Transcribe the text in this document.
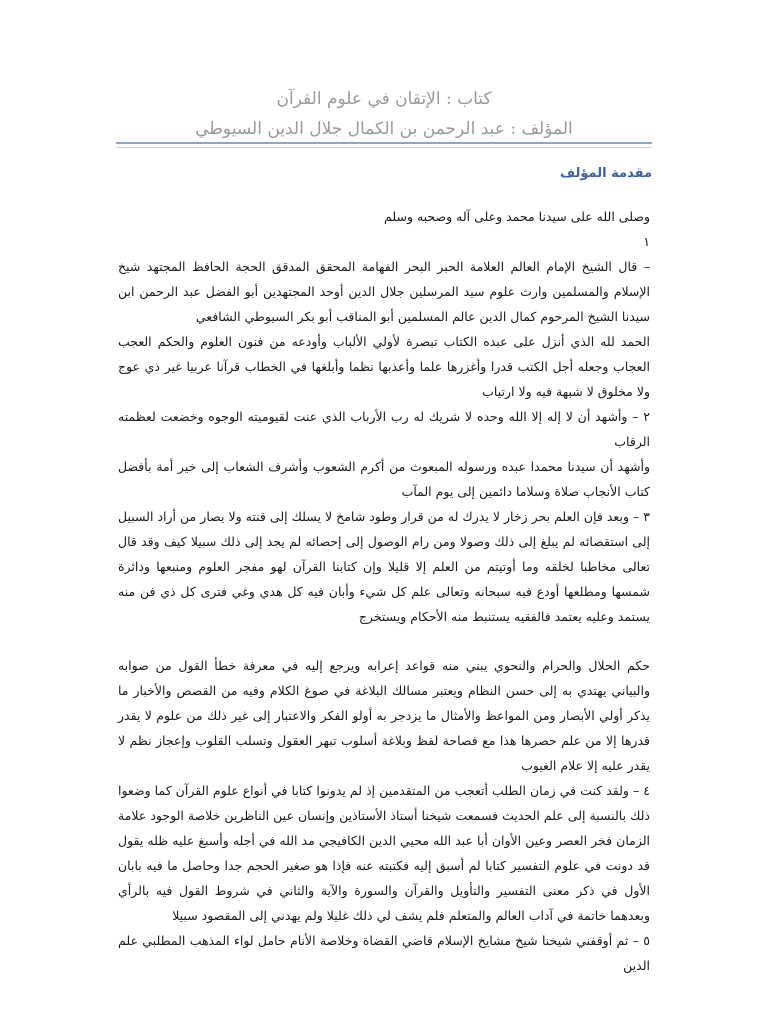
كتاب : الإتقان في علوم القرآن
المؤلف : عبد الرحمن بن الكمال جلال الدين السيوطي
مقدمة المؤلف

وصلى الله على سيدنا محمد وعلى آله وصحبه وسلم

١

– قال الشيخ الإمام العالم العلامة الحبر البحر الفهامة المحقق المدقق الحجة الحافظ المجتهد شيخ الإسلام والمسلمين وارث علوم سيد المرسلين جلال الدين أوحد المجتهدين أبو الفضل عبد الرحمن ابن سيدنا الشيخ المرحوم كمال الدين عالم المسلمين أبو المناقب أبو بكر السيوطي الشافعي

الحمد لله الذي أنزل على عبده الكتاب تبصرة لأولي الألباب وأودعه من فنون العلوم والحكم العجب العجاب وجعله أجل الكتب قدرا وأغزرها علما وأعذبها نظما وأبلغها في الخطاب قرآنا عربيا غير ذي عوج ولا مخلوق لا شبهة فيه ولا ارتياب

٢ – وأشهد أن لا إله إلا الله وحده لا شريك له رب الأرباب الذي عنت لقيوميته الوجوه وخضعت لعظمته الرقاب

وأشهد أن سيدنا محمدا عبده ورسوله المبعوث من أكرم الشعوب وأشرف الشعاب إلى خير أمة بأفضل كتاب الأنجاب صلاة وسلاما دائمين إلى يوم المآب

٣ – وبعد فإن العلم بحر زخار لا يدرك له من قرار وطود شامخ لا يسلك إلى قنته ولا يصار من أراد السبيل إلى استقصائه لم يبلغ إلى ذلك وصولا ومن رام الوصول إلى إحصائه لم يجد إلى ذلك سبيلا كيف وقد قال تعالى مخاطبا لخلقه وما أوتيتم من العلم إلا قليلا وإن كتابنا القرآن لهو مفجر العلوم ومنبعها ودائرة شمسها ومطلعها أودع فيه سبحانه وتعالى علم كل شيء وأبان فيه كل هدي وغي فترى كل ذي فن منه يستمد وعليه يعتمد فالفقيه يستنبط منه الأحكام ويستخرج

حكم الحلال والحرام والنحوي يبني منه قواعد إعرابه ويرجع إليه في معرفة خطأ القول من صوابه والبياني يهتدي به إلى حسن النظام ويعتبر مسالك البلاغة في صوغ الكلام وفيه من القصص والأخبار ما يذكر أولي الأبصار ومن المواعظ والأمثال ما يزدجر به أولو الفكر والاعتبار إلى غير ذلك من علوم لا يقدر قدرها إلا من علم حصرها هذا مع فصاحة لفظ وبلاغة أسلوب تبهر العقول وتسلب القلوب وإعجاز نظم لا يقدر عليه إلا علام الغيوب

٤ – ولقد كنت في زمان الطلب أتعجب من المتقدمين إذ لم يدونوا كتابا في أنواع علوم القرآن كما وضعوا ذلك بالنسبة إلى علم الحديث فسمعت شيخنا أستاذ الأستاذين وإنسان عين الناظرين خلاصة الوجود علامة الزمان فخر العصر وعين الأوان أبا عبد الله محيي الدين الكافيجي مد الله في أجله وأسبغ عليه ظله يقول قد دونت في علوم التفسير كتابا لم أسبق إليه فكتبته عنه فإذا هو صغير الحجم جدا وحاصل ما فيه بابان الأول في ذكر معنى التفسير والتأويل والقرآن والسورة والآية والثاني في شروط القول فيه بالرأي وبعدهما خاتمة في آداب العالم والمتعلم فلم يشف لي ذلك غليلا ولم يهدني إلى المقصود سبيلا

٥ – ثم أوقفني شيخنا شيخ مشايخ الإسلام قاضي القضاة وخلاصة الأنام حامل لواء المذهب المطلبي علم الدين
